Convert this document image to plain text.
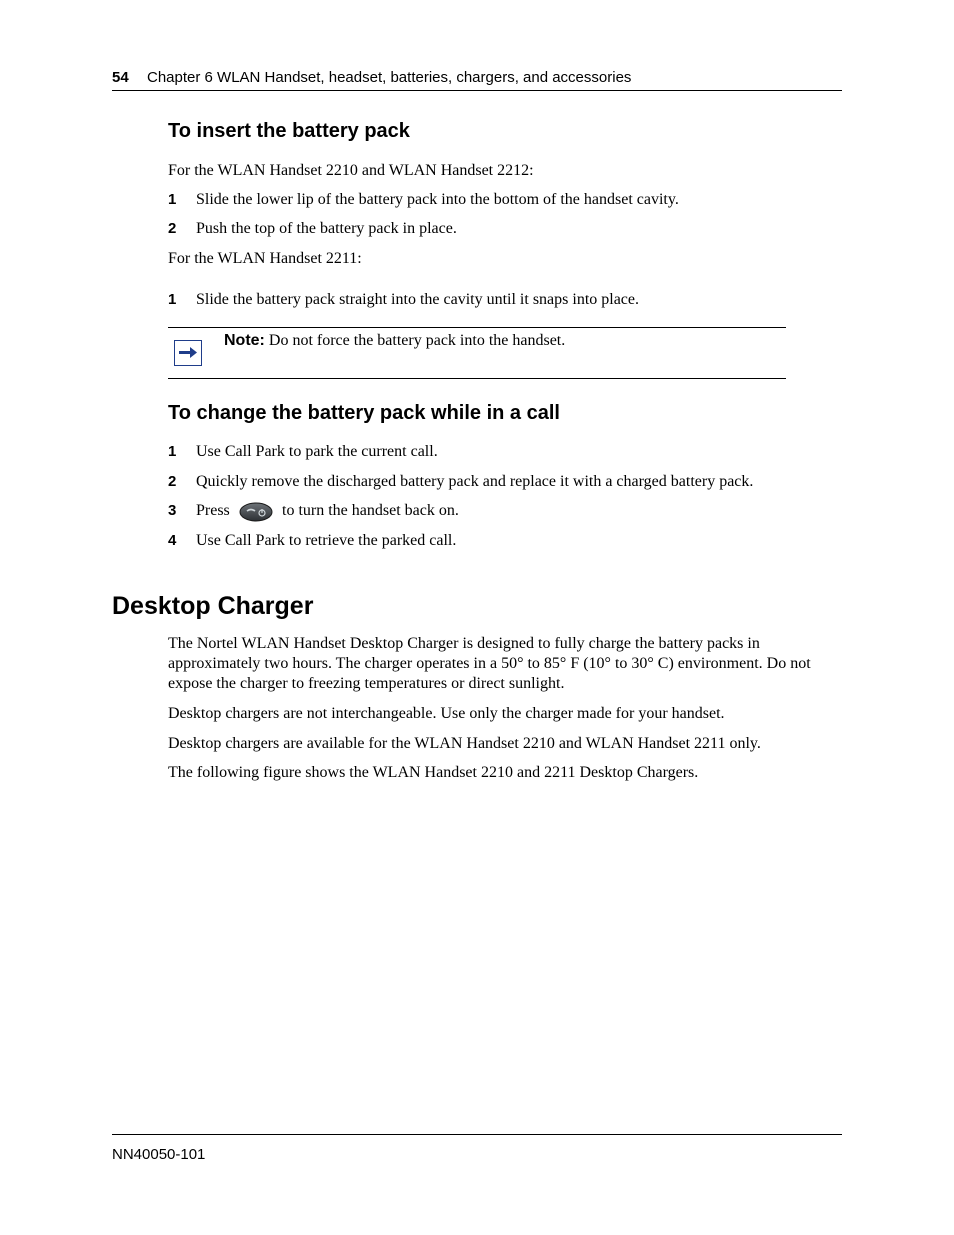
54 Chapter 6 WLAN Handset, headset, batteries, chargers, and accessories
To insert the battery pack
For the WLAN Handset 2210 and WLAN Handset 2212:
1 Slide the lower lip of the battery pack into the bottom of the handset cavity.
2 Push the top of the battery pack in place.
For the WLAN Handset 2211:
1 Slide the battery pack straight into the cavity until it snaps into place.
Note: Do not force the battery pack into the handset.
To change the battery pack while in a call
1 Use Call Park to park the current call.
2 Quickly remove the discharged battery pack and replace it with a charged battery pack.
3 Press	to turn the handset back on.
4 Use Call Park to retrieve the parked call.
Desktop Charger
The Nortel WLAN Handset Desktop Charger is designed to fully charge the battery packs in approximately two hours. The charger operates in a 50° to 85° F (10° to 30° C) environment. Do not expose the charger to freezing temperatures or direct sunlight.
Desktop chargers are not interchangeable. Use only the charger made for your handset.
Desktop chargers are available for the WLAN Handset 2210 and WLAN Handset 2211 only.
The following figure shows the WLAN Handset 2210 and 2211 Desktop Chargers.
NN40050-101
